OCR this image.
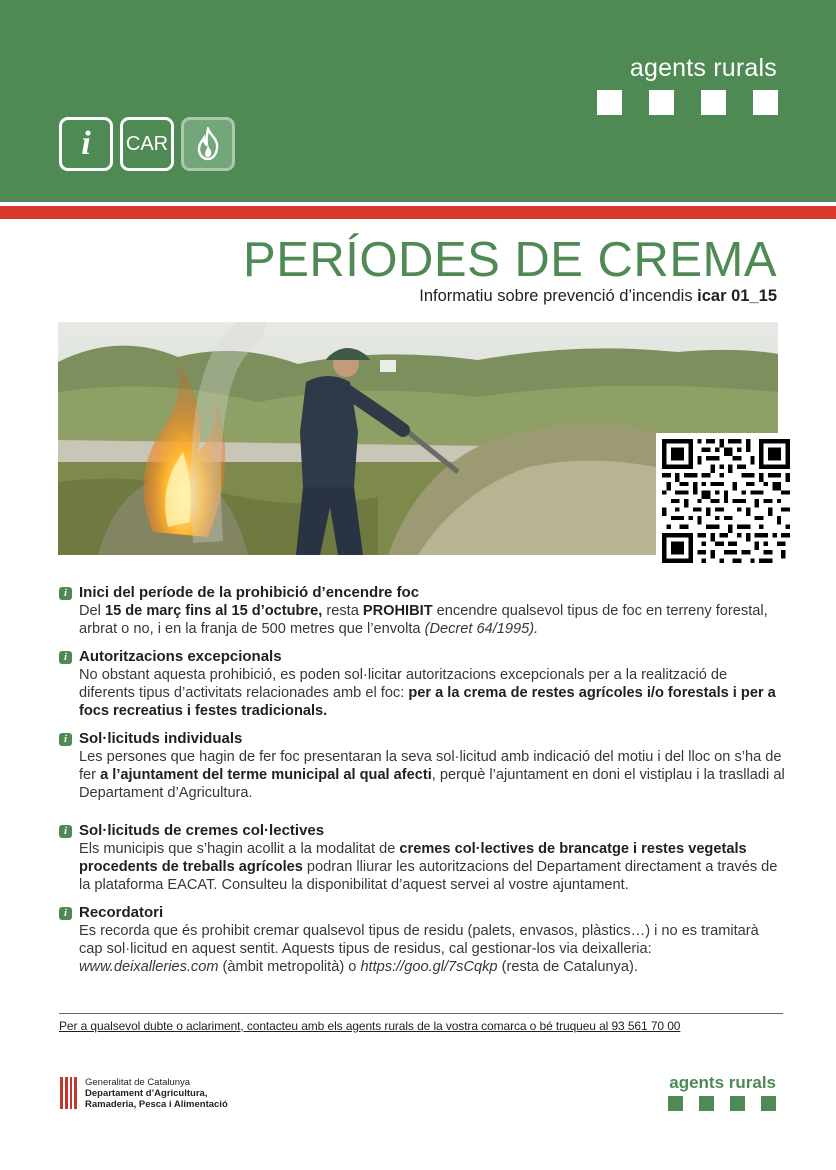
agents rurals
i	CAR
PERÍODES DE CREMA
Informatiu sobre prevenció d’incendis icar 01_15
i Inici del període de la prohibició d’encendre foc

Del 15 de març fins al 15 d’octubre, resta PROHIBIT encendre qualsevol tipus de foc en terreny forestal, arbrat o no, i en la franja de 500 metres que l’envolta (Decret 64/1995).

i Autoritzacions excepcionals

No obstant aquesta prohibició, es poden sol·licitar autoritzacions excepcionals per a la realització de diferents tipus d’activitats relacionades amb el foc: per a la crema de restes agrícoles i/o forestals i per a focs recreatius i festes tradicionals.

i Sol·licituds individuals

Les persones que hagin de fer foc presentaran la seva sol·licitud amb indicació del motiu i del lloc on s’ha de fer a l’ajuntament del terme municipal al qual afecti, perquè l’ajuntament en doni el vistiplau i la traslladi al Departament d’Agricultura.

i Sol·licituds de cremes col·lectives

Els municipis que s’hagin acollit a la modalitat de cremes col·lectives de brancatge i restes vegetals procedents de treballs agrícoles podran lliurar les autoritzacions del Departament directament a través de la plataforma EACAT. Consulteu la disponibilitat d’aquest servei al vostre ajuntament.

i Recordatori

Es recorda que és prohibit cremar qualsevol tipus de residu (palets, envasos, plàstics…) i no es tramitarà cap sol·licitud en aquest sentit. Aquests tipus de residus, cal gestionar-los via deixalleria: www.deixalleries.com (àmbit metropolità) o https://goo.gl/7sCqkp (resta de Catalunya).

Per a qualsevol dubte o aclariment, contacteu amb els agents rurals de la vostra comarca o bé truqueu al 93 561 70 00
Generalitat de Catalunya
Departament d’Agricultura,
Ramaderia, Pesca i Alimentació
agents rurals
